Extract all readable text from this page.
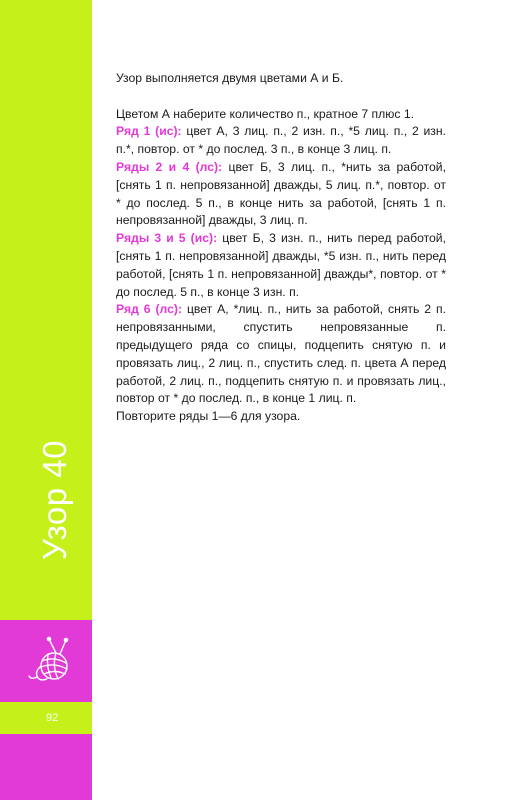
Узор 40
92

Узор выполняется двумя цветами А и Б.

Цветом А наберите количество п., кратное 7 плюс 1.

Ряд 1 (ис): цвет А, 3 лиц. п., 2 изн. п., *5 лиц. п., 2 изн. п.*, повтор. от * до послед. 3 п., в конце 3 лиц. п.

Ряды 2 и 4 (лс): цвет Б, 3 лиц. п., *нить за работой, [снять 1 п. непровязанной] дважды, 5 лиц. п.*, повтор. от * до послед. 5 п., в конце нить за работой, [снять 1 п. непровязанной] дважды, 3 лиц. п.

Ряды 3 и 5 (ис): цвет Б, 3 изн. п., нить перед работой, [снять 1 п. непровязанной] дважды, *5 изн. п., нить перед работой, [снять 1 п. непровязанной] дважды*, повтор. от * до послед. 5 п., в конце 3 изн. п.

Ряд 6 (лс): цвет А, *лиц. п., нить за работой, снять 2 п. непровязанными, спустить непровязанные п. предыдущего ряда со спицы, подцепить снятую п. и провязать лиц., 2 лиц. п., спустить след. п. цвета А перед работой, 2 лиц. п., подцепить снятую п. и провязать лиц., повтор от * до послед. п., в конце 1 лиц. п.

Повторите ряды 1—6 для узора.

FashionForum.ru
